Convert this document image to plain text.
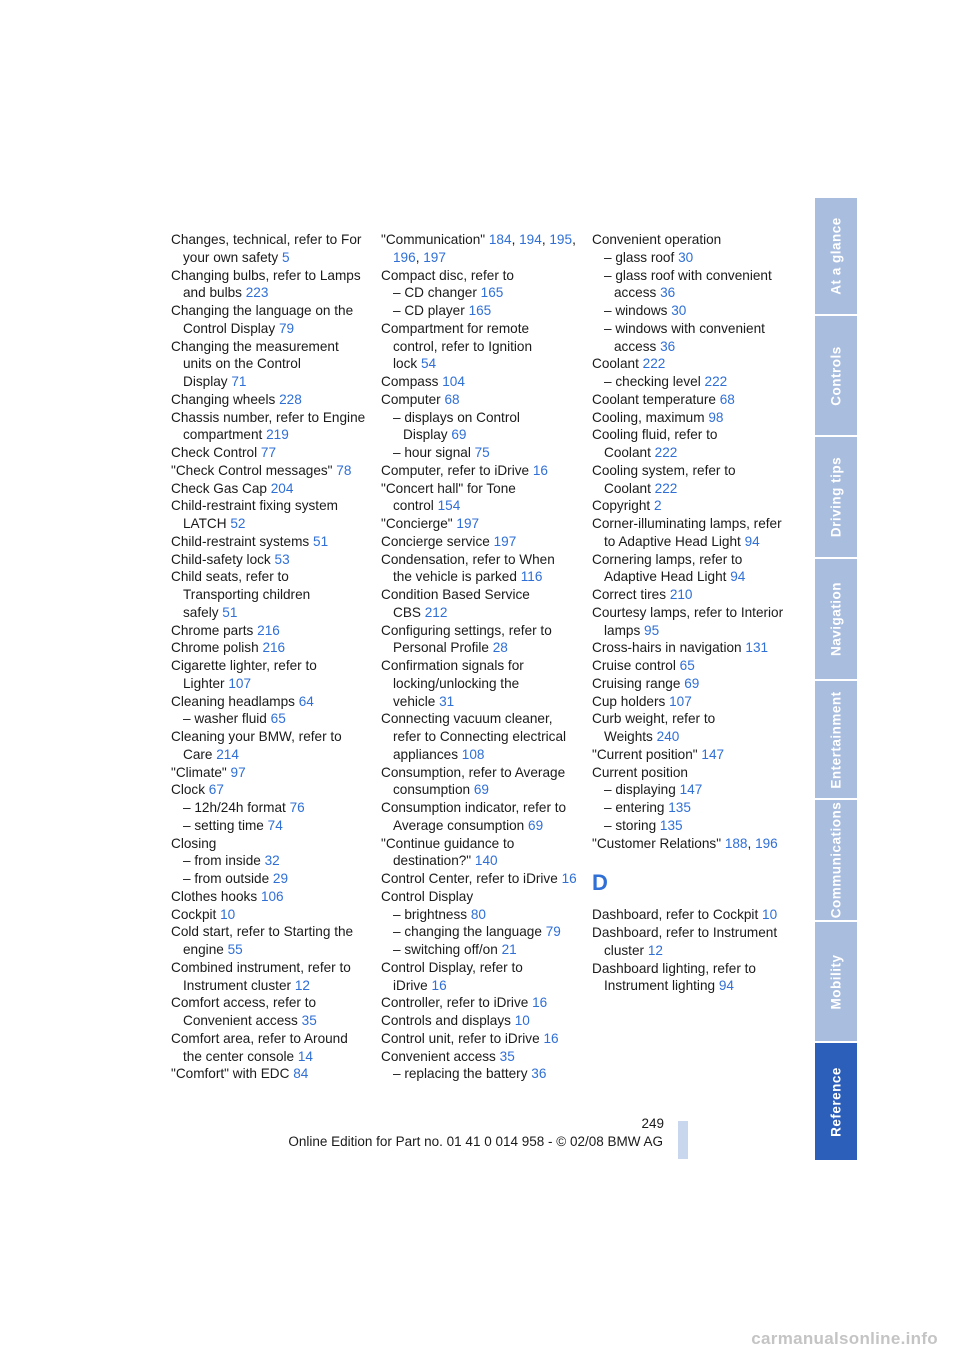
Changes, technical, refer to For your own safety 5
Changing bulbs, refer to Lamps and bulbs 223
Changing the language on the Control Display 79
Changing the measurement units on the Control Display 71
Changing wheels 228
Chassis number, refer to Engine compartment 219
Check Control 77
"Check Control messages" 78
Check Gas Cap 204
Child-restraint fixing system LATCH 52
Child-restraint systems 51
Child-safety lock 53
Child seats, refer to Transporting children safely 51
Chrome parts 216
Chrome polish 216
Cigarette lighter, refer to Lighter 107
Cleaning headlamps 64
– washer fluid 65
Cleaning your BMW, refer to Care 214
"Climate" 97
Clock 67
– 12h/24h format 76
– setting time 74
Closing
– from inside 32
– from outside 29
Clothes hooks 106
Cockpit 10
Cold start, refer to Starting the engine 55
Combined instrument, refer to Instrument cluster 12
Comfort access, refer to Convenient access 35
Comfort area, refer to Around the center console 14
"Comfort" with EDC 84
"Communication" 184, 194, 195, 196, 197
Compact disc, refer to
– CD changer 165
– CD player 165
Compartment for remote control, refer to Ignition lock 54
Compass 104
Computer 68
– displays on Control Display 69
– hour signal 75
Computer, refer to iDrive 16
"Concert hall" for Tone control 154
"Concierge" 197
Concierge service 197
Condensation, refer to When the vehicle is parked 116
Condition Based Service CBS 212
Configuring settings, refer to Personal Profile 28
Confirmation signals for locking/unlocking the vehicle 31
Connecting vacuum cleaner, refer to Connecting electrical appliances 108
Consumption, refer to Average consumption 69
Consumption indicator, refer to Average consumption 69
"Continue guidance to destination?" 140
Control Center, refer to iDrive 16
Control Display
– brightness 80
– changing the language 79
– switching off/on 21
Control Display, refer to iDrive 16
Controller, refer to iDrive 16
Controls and displays 10
Control unit, refer to iDrive 16
Convenient access 35
– replacing the battery 36
Convenient operation
– glass roof 30
– glass roof with convenient access 36
– windows 30
– windows with convenient access 36
Coolant 222
– checking level 222
Coolant temperature 68
Cooling, maximum 98
Cooling fluid, refer to Coolant 222
Cooling system, refer to Coolant 222
Copyright 2
Corner-illuminating lamps, refer to Adaptive Head Light 94
Cornering lamps, refer to Adaptive Head Light 94
Correct tires 210
Courtesy lamps, refer to Interior lamps 95
Cross-hairs in navigation 131
Cruise control 65
Cruising range 69
Cup holders 107
Curb weight, refer to Weights 240
"Current position" 147
Current position
– displaying 147
– entering 135
– storing 135
"Customer Relations" 188, 196
D
Dashboard, refer to Cockpit 10
Dashboard, refer to Instrument cluster 12
Dashboard lighting, refer to Instrument lighting 94
At a glance
Controls
Driving tips
Navigation
Entertainment
Communications
Mobility
Reference
249
Online Edition for Part no. 01 41 0 014 958 - © 02/08 BMW AG
carmanualsonline.info
